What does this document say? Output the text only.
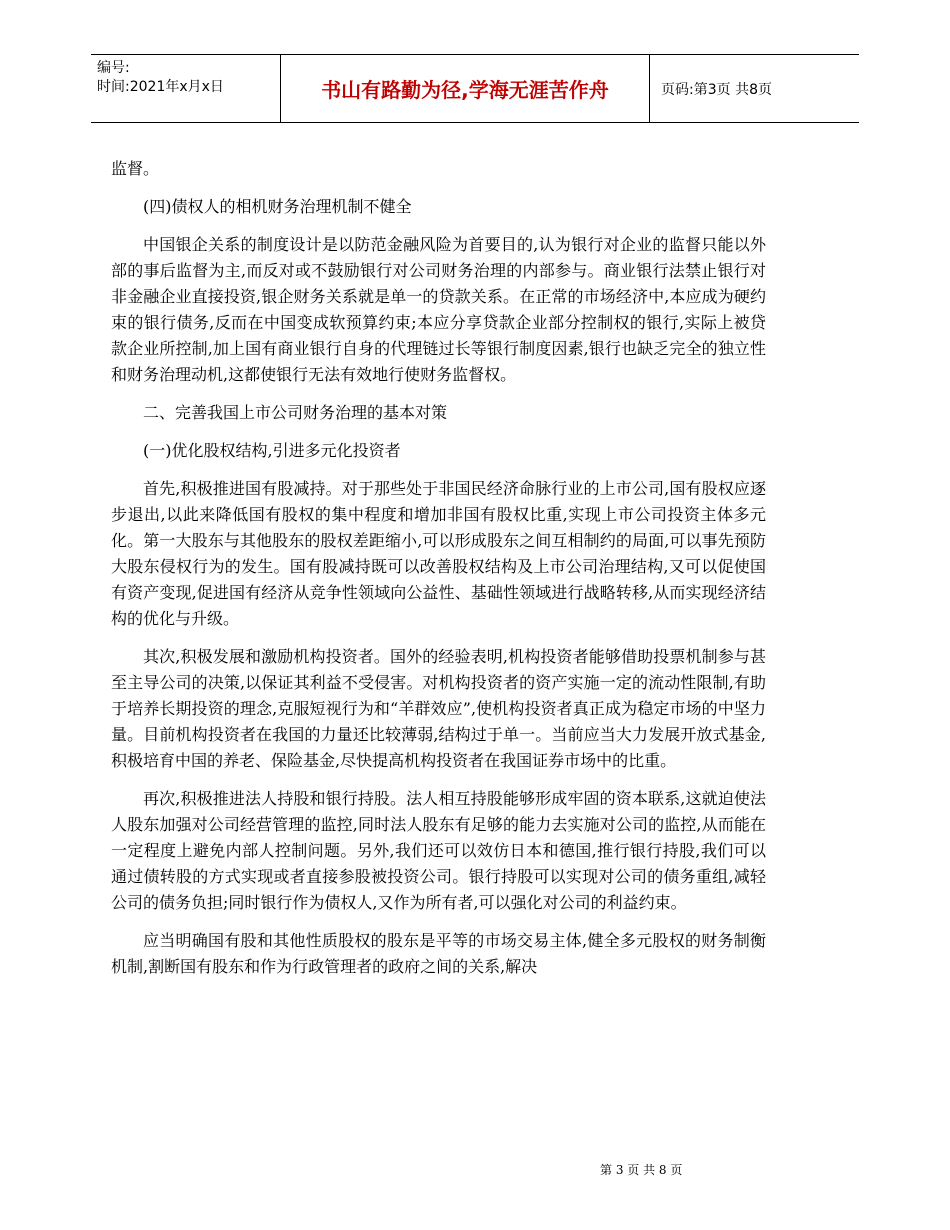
编号:
时间:2021年x月x日	书山有路勤为径,学海无涯苦作舟	页码:第3页 共8页

监督。

(四)债权人的相机财务治理机制不健全

中国银企关系的制度设计是以防范金融风险为首要目的,认为银行对企业的监督只能以外部的事后监督为主,而反对或不鼓励银行对公司财务治理的内部参与。商业银行法禁止银行对非金融企业直接投资,银企财务关系就是单一的贷款关系。在正常的市场经济中,本应成为硬约束的银行债务,反而在中国变成软预算约束;本应分享贷款企业部分控制权的银行,实际上被贷款企业所控制,加上国有商业银行自身的代理链过长等银行制度因素,银行也缺乏完全的独立性和财务治理动机,这都使银行无法有效地行使财务监督权。

二、完善我国上市公司财务治理的基本对策

(一)优化股权结构,引进多元化投资者

首先,积极推进国有股减持。对于那些处于非国民经济命脉行业的上市公司,国有股权应逐步退出,以此来降低国有股权的集中程度和增加非国有股权比重,实现上市公司投资主体多元化。第一大股东与其他股东的股权差距缩小,可以形成股东之间互相制约的局面,可以事先预防大股东侵权行为的发生。国有股减持既可以改善股权结构及上市公司治理结构,又可以促使国有资产变现,促进国有经济从竞争性领域向公益性、基础性领域进行战略转移,从而实现经济结构的优化与升级。

其次,积极发展和激励机构投资者。国外的经验表明,机构投资者能够借助投票机制参与甚至主导公司的决策,以保证其利益不受侵害。对机构投资者的资产实施一定的流动性限制,有助于培养长期投资的理念,克服短视行为和“羊群效应”,使机构投资者真正成为稳定市场的中坚力量。目前机构投资者在我国的力量还比较薄弱,结构过于单一。当前应当大力发展开放式基金,积极培育中国的养老、保险基金,尽快提高机构投资者在我国证券市场中的比重。

再次,积极推进法人持股和银行持股。法人相互持股能够形成牢固的资本联系,这就迫使法人股东加强对公司经营管理的监控,同时法人股东有足够的能力去实施对公司的监控,从而能在一定程度上避免内部人控制问题。另外,我们还可以效仿日本和德国,推行银行持股,我们可以通过债转股的方式实现或者直接参股被投资公司。银行持股可以实现对公司的债务重组,减轻公司的债务负担;同时银行作为债权人,又作为所有者,可以强化对公司的利益约束。

应当明确国有股和其他性质股权的股东是平等的市场交易主体,健全多元股权的财务制衡机制,割断国有股东和作为行政管理者的政府之间的关系,解决

第 3 页 共 8 页
